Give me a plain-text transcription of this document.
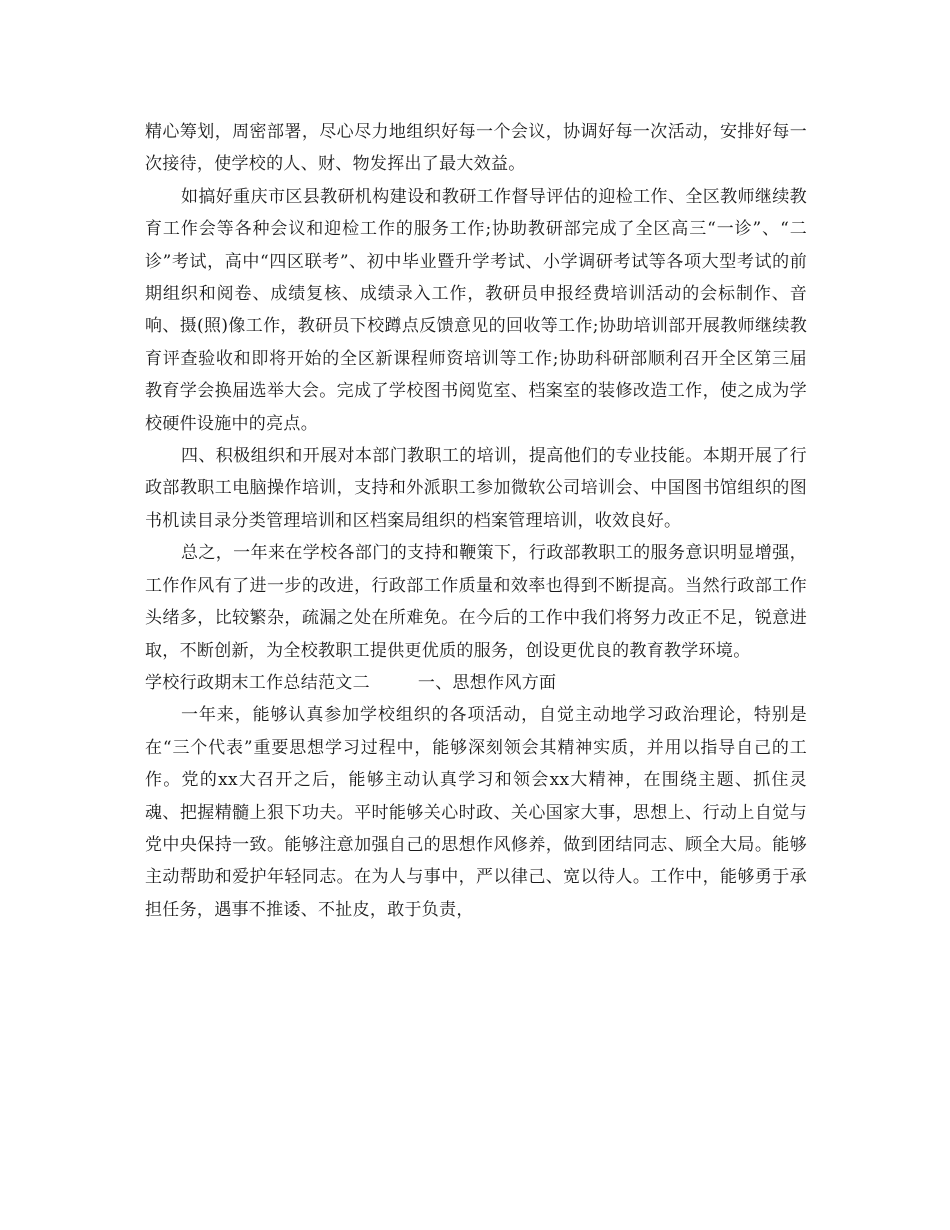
精心筹划，周密部署，尽心尽力地组织好每一个会议，协调好每一次活动，安排好每一次接待，使学校的人、财、物发挥出了最大效益。

如搞好重庆市区县教研机构建设和教研工作督导评估的迎检工作、全区教师继续教育工作会等各种会议和迎检工作的服务工作;协助教研部完成了全区高三“一诊”、“二诊”考试，高中“四区联考”、初中毕业暨升学考试、小学调研考试等各项大型考试的前期组织和阅卷、成绩复核、成绩录入工作，教研员申报经费培训活动的会标制作、音响、摄(照)像工作，教研员下校蹲点反馈意见的回收等工作;协助培训部开展教师继续教育评查验收和即将开始的全区新课程师资培训等工作;协助科研部顺利召开全区第三届教育学会换届选举大会。完成了学校图书阅览室、档案室的装修改造工作，使之成为学校硬件设施中的亮点。

四、积极组织和开展对本部门教职工的培训，提高他们的专业技能。本期开展了行政部教职工电脑操作培训，支持和外派职工参加微软公司培训会、中国图书馆组织的图书机读目录分类管理培训和区档案局组织的档案管理培训，收效良好。

总之，一年来在学校各部门的支持和鞭策下，行政部教职工的服务意识明显增强，工作作风有了进一步的改进，行政部工作质量和效率也得到不断提高。当然行政部工作头绪多，比较繁杂，疏漏之处在所难免。在今后的工作中我们将努力改正不足，锐意进取，不断创新，为全校教职工提供更优质的服务，创设更优良的教育教学环境。

学校行政期末工作总结范文二	一、思想作风方面

一年来，能够认真参加学校组织的各项活动，自觉主动地学习政治理论，特别是在“三个代表”重要思想学习过程中，能够深刻领会其精神实质，并用以指导自己的工作。党的xx大召开之后，能够主动认真学习和领会xx大精神，在围绕主题、抓住灵魂、把握精髓上狠下功夫。平时能够关心时政、关心国家大事，思想上、行动上自觉与党中央保持一致。能够注意加强自己的思想作风修养，做到团结同志、顾全大局。能够主动帮助和爱护年轻同志。在为人与事中，严以律己、宽以待人。工作中，能够勇于承担任务，遇事不推诿、不扯皮，敢于负责，
